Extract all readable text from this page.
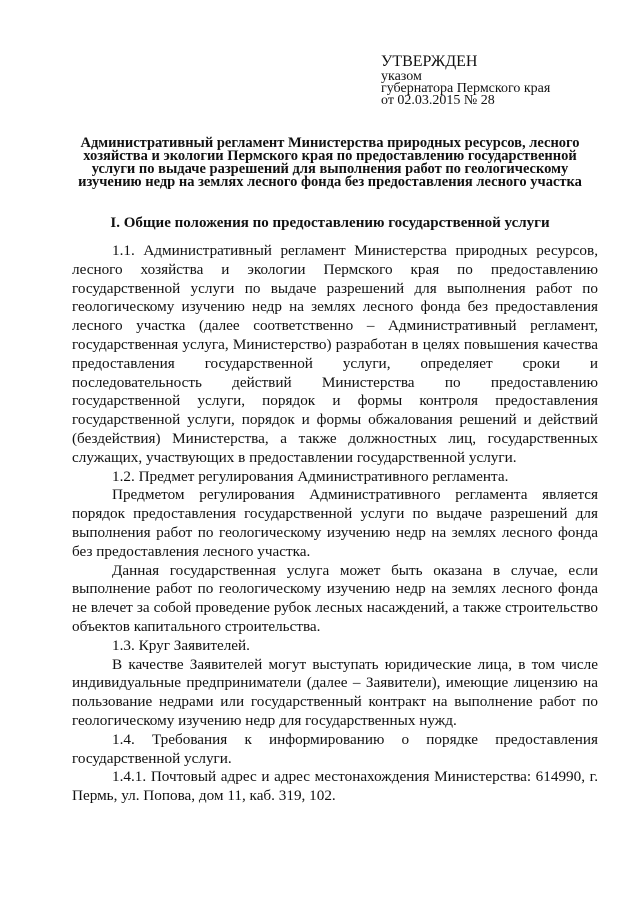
УТВЕРЖДЕН
указом
губернатора Пермского края
от 02.03.2015 № 28
Административный регламент Министерства природных ресурсов, лесного хозяйства и экологии Пермского края по предоставлению государственной услуги по выдаче разрешений для выполнения работ по геологическому изучению недр на землях лесного фонда без предоставления лесного участка
I. Общие положения по предоставлению государственной услуги

1.1. Административный регламент Министерства природных ресурсов, лесного хозяйства и экологии Пермского края по предоставлению государственной услуги по выдаче разрешений для выполнения работ по геологическому изучению недр на землях лесного фонда без предоставления лесного участка (далее соответственно – Административный регламент, государственная услуга, Министерство) разработан в целях повышения качества предоставления государственной услуги, определяет сроки и последовательность действий Министерства по предоставлению государственной услуги, порядок и формы контроля предоставления государственной услуги, порядок и формы обжалования решений и действий (бездействия) Министерства, а также должностных лиц, государственных служащих, участвующих в предоставлении государственной услуги.

1.2. Предмет регулирования Административного регламента.

Предметом регулирования Административного регламента является порядок предоставления государственной услуги по выдаче разрешений для выполнения работ по геологическому изучению недр на землях лесного фонда без предоставления лесного участка.

Данная государственная услуга может быть оказана в случае, если выполнение работ по геологическому изучению недр на землях лесного фонда не влечет за собой проведение рубок лесных насаждений, а также строительство объектов капитального строительства.

1.3. Круг Заявителей.

В качестве Заявителей могут выступать юридические лица, в том числе индивидуальные предприниматели (далее – Заявители), имеющие лицензию на пользование недрами или государственный контракт на выполнение работ по геологическому изучению недр для государственных нужд.

1.4. Требования к информированию о порядке предоставления государственной услуги.

1.4.1. Почтовый адрес и адрес местонахождения Министерства: 614990, г. Пермь, ул. Попова, дом 11, каб. 319, 102.
